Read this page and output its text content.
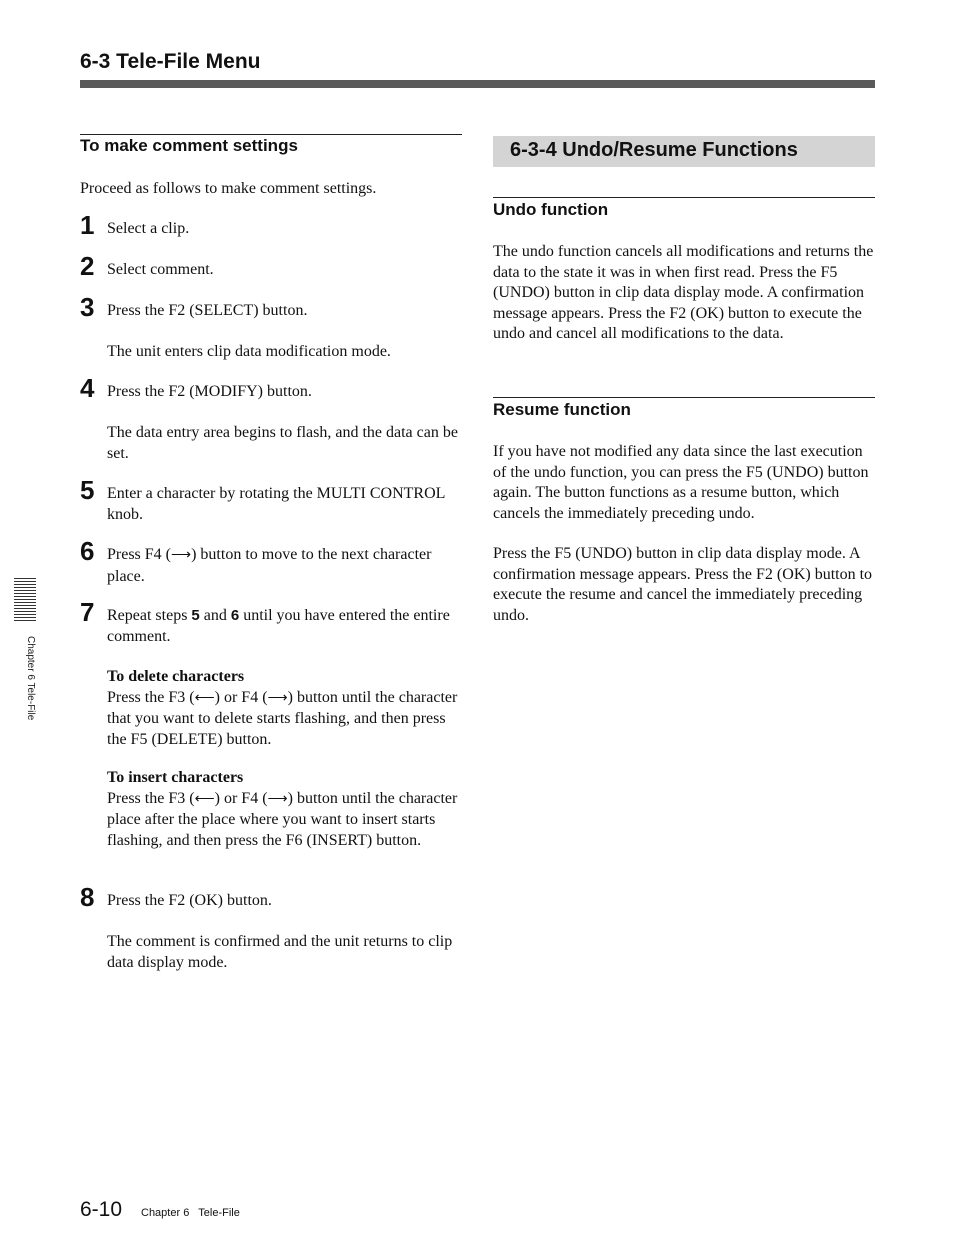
6-3 Tele-File Menu
To make comment settings
Proceed as follows to make comment settings.
1 Select a clip.
2 Select comment.
3 Press the F2 (SELECT) button.
The unit enters clip data modification mode.
4 Press the F2 (MODIFY) button.
The data entry area begins to flash, and the data can be set.
5 Enter a character by rotating the MULTI CONTROL knob.
6 Press F4 (⟶) button to move to the next character place.
7 Repeat steps 5 and 6 until you have entered the entire comment.
To delete characters
Press the F3 (⟵) or F4 (⟶) button until the character that you want to delete starts flashing, and then press the F5 (DELETE) button.
To insert characters
Press the F3 (⟵) or F4 (⟶) button until the character place after the place where you want to insert starts flashing, and then press the F6 (INSERT) button.
8 Press the F2 (OK) button.
The comment is confirmed and the unit returns to clip data display mode.
6-3-4 Undo/Resume Functions
Undo function
The undo function cancels all modifications and returns the data to the state it was in when first read. Press the F5 (UNDO) button in clip data display mode. A confirmation message appears. Press the F2 (OK) button to execute the undo and cancel all modifications to the data.
Resume function
If you have not modified any data since the last execution of the undo function, you can press the F5 (UNDO) button again. The button functions as a resume button, which cancels the immediately preceding undo.
Press the F5 (UNDO) button in clip data display mode. A confirmation message appears. Press the F2 (OK) button to execute the resume and cancel the immediately preceding undo.
Chapter 6 Tele-File
6-10 Chapter 6   Tele-File
